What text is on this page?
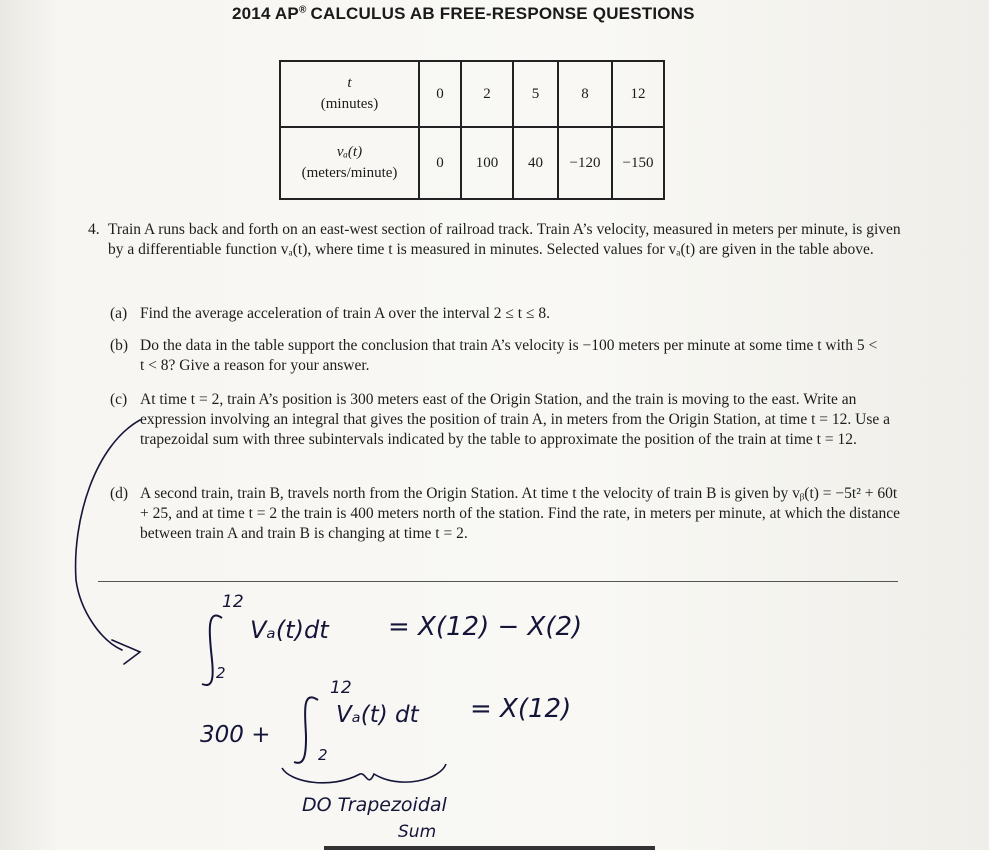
2014 AP® CALCULUS AB FREE-RESPONSE QUESTIONS
t
(minutes)	0	2	5	8	12

vₐ(t)
(meters/minute)	0	100	40	−120	−150
4. Train A runs back and forth on an east-west section of railroad track. Train A’s velocity, measured in meters per minute, is given by a differentiable function vₐ(t), where time t is measured in minutes. Selected values for vₐ(t) are given in the table above.
(a) Find the average acceleration of train A over the interval 2 ≤ t ≤ 8.
(b) Do the data in the table support the conclusion that train A’s velocity is −100 meters per minute at some time t with 5 < t < 8? Give a reason for your answer.
(c) At time t = 2, train A’s position is 300 meters east of the Origin Station, and the train is moving to the east. Write an expression involving an integral that gives the position of train A, in meters from the Origin Station, at time t = 12. Use a trapezoidal sum with three subintervals indicated by the table to approximate the position of the train at time t = 12.
(d) A second train, train B, travels north from the Origin Station. At time t the velocity of train B is given by vᵦ(t) = −5t² + 60t + 25, and at time t = 2 the train is 400 meters north of the station. Find the rate, in meters per minute, at which the distance between train A and train B is changing at time t = 2.
12
2
Vₐ(t)dt = X(12) − X(2)
300 +
12
2
Vₐ(t) dt = X(12)
DO Trapezoidal
Sum
